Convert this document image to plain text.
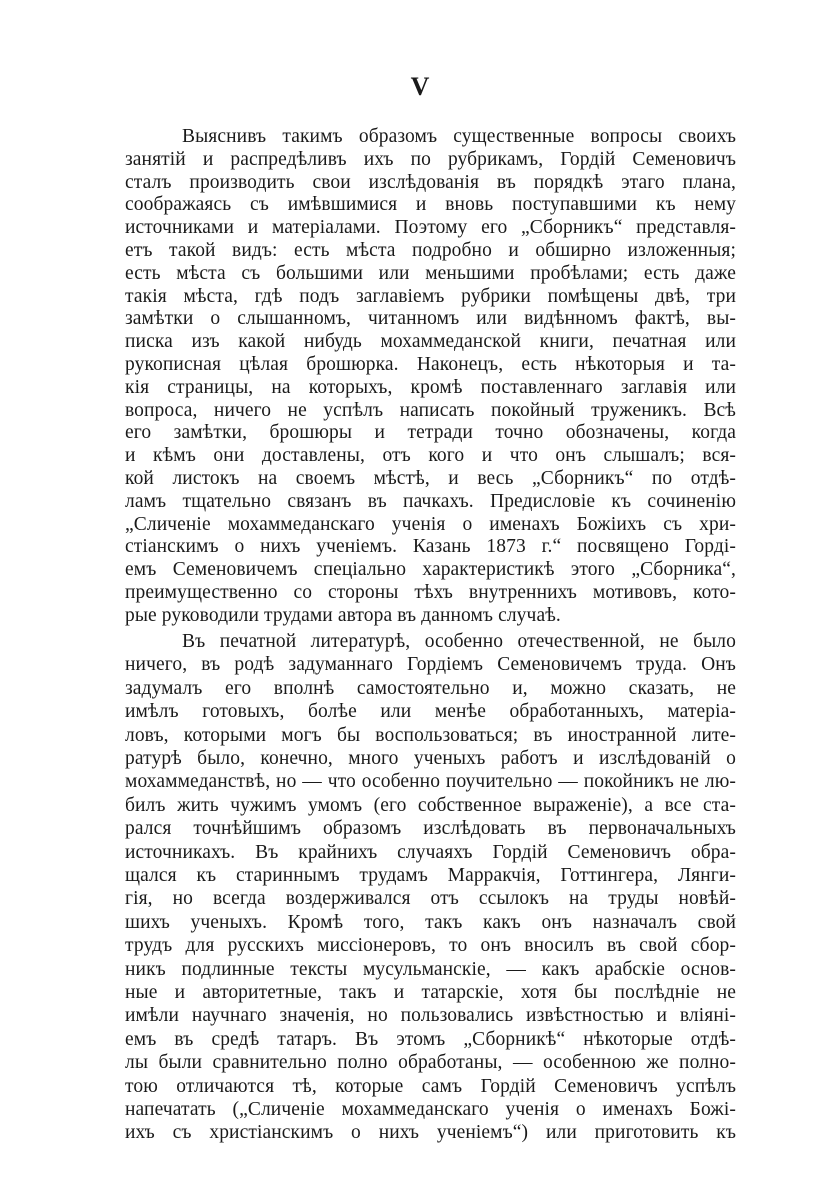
V
Выяснивъ такимъ образомъ существенные вопросы своихъ
занятій и распредѣливъ ихъ по рубрикамъ, Гордій Семеновичъ
сталъ производить свои изслѣдованія въ порядкѣ этаго плана,
соображаясь съ имѣвшимися и вновь поступавшими къ нему
источниками и матеріалами. Поэтому его „Сборникъ“ представля-
етъ такой видъ: есть мѣста подробно и обширно изложенныя;
есть мѣста съ большими или меньшими пробѣлами; есть даже
такія мѣста, гдѣ подъ заглавіемъ рубрики помѣщены двѣ, три
замѣтки о слышанномъ, читанномъ или видѣнномъ фактѣ, вы-
писка изъ какой нибудь мохаммеданской книги, печатная или
рукописная цѣлая брошюрка. Наконецъ, есть нѣкоторыя и та-
кія страницы, на которыхъ, кромѣ поставленнаго заглавія или
вопроса, ничего не успѣлъ написать покойный труженикъ. Всѣ
его замѣтки, брошюры и тетради точно обозначены, когда
и кѣмъ они доставлены, отъ кого и что онъ слышалъ; вся-
кой листокъ на своемъ мѣстѣ, и весь „Сборникъ“ по отдѣ-
ламъ тщательно связанъ въ пачкахъ. Предисловіе къ сочиненію
„Сличеніе мохаммеданскаго ученія о именахъ Божіихъ съ хри-
стіанскимъ о нихъ ученіемъ. Казань 1873 г.“ посвящено Горді-
емъ Семеновичемъ спеціально характеристикѣ этого „Сборника“,
преимущественно со стороны тѣхъ внутреннихъ мотивовъ, кото-
рые руководили трудами автора въ данномъ случаѣ.
Въ печатной литературѣ, особенно отечественной, не было
ничего, въ родѣ задуманнаго Гордіемъ Семеновичемъ труда. Онъ
задумалъ его вполнѣ самостоятельно и, можно сказать, не
имѣлъ готовыхъ, болѣе или менѣе обработанныхъ, матеріа-
ловъ, которыми могъ бы воспользоваться; въ иностранной лите-
ратурѣ было, конечно, много ученыхъ работъ и изслѣдованій о
мохаммеданствѣ, но — что особенно поучительно — покойникъ не лю-
билъ жить чужимъ умомъ (его собственное выраженіе), а все ста-
рался точнѣйшимъ образомъ изслѣдовать въ первоначальныхъ
источникахъ. Въ крайнихъ случаяхъ Гордій Семеновичъ обра-
щался къ стариннымъ трудамъ Марракчія, Готтингера, Лянги-
гія, но всегда воздерживался отъ ссылокъ на труды новѣй-
шихъ ученыхъ. Кромѣ того, такъ какъ онъ назначалъ свой
трудъ для русскихъ миссіонеровъ, то онъ вносилъ въ свой сбор-
никъ подлинные тексты мусульманскіе, — какъ арабскіе основ-
ные и авторитетные, такъ и татарскіе, хотя бы послѣдніе не
имѣли научнаго значенія, но пользовались извѣстностью и вліяні-
емъ въ средѣ татаръ. Въ этомъ „Сборникѣ“ нѣкоторые отдѣ-
лы были сравнительно полно обработаны, — особенною же полно-
тою отличаются тѣ, которые самъ Гордій Семеновичъ успѣлъ
напечатать („Сличеніе мохаммеданскаго ученія о именахъ Божі-
ихъ съ христіанскимъ о нихъ ученіемъ“) или приготовить къ
